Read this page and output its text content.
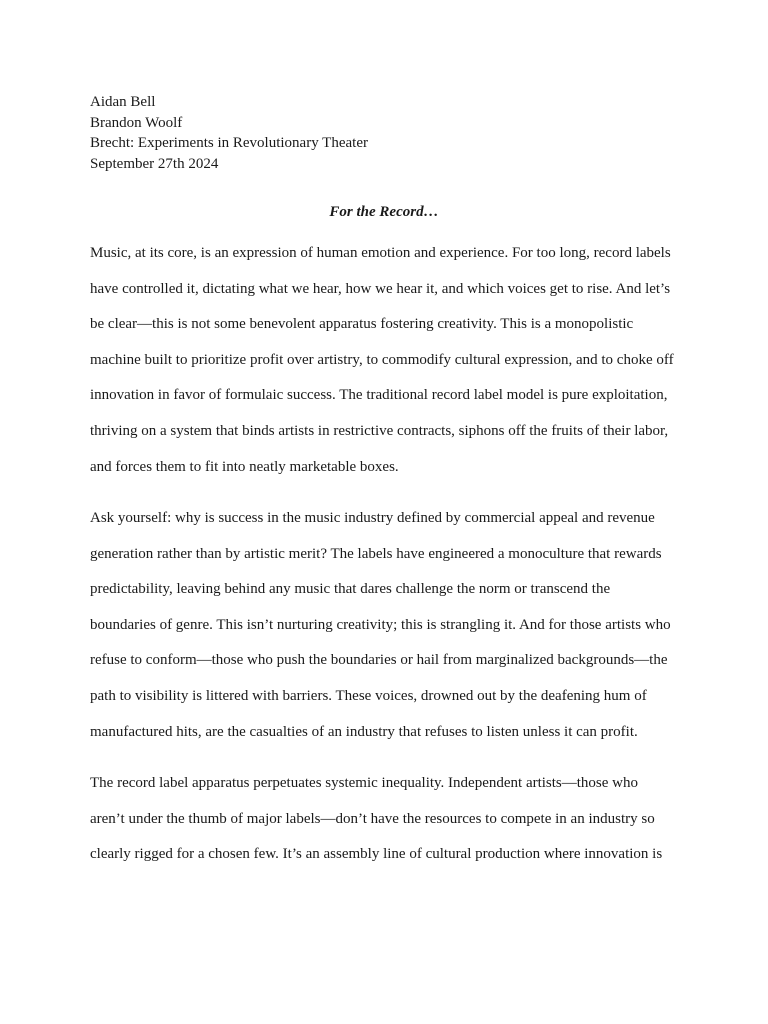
Aidan Bell
Brandon Woolf
Brecht: Experiments in Revolutionary Theater
September 27th 2024
For the Record…
Music, at its core, is an expression of human emotion and experience. For too long, record labels
have controlled it, dictating what we hear, how we hear it, and which voices get to rise. And let’s
be clear—this is not some benevolent apparatus fostering creativity. This is a monopolistic
machine built to prioritize profit over artistry, to commodify cultural expression, and to choke off
innovation in favor of formulaic success. The traditional record label model is pure exploitation,
thriving on a system that binds artists in restrictive contracts, siphons off the fruits of their labor,
and forces them to fit into neatly marketable boxes.
Ask yourself: why is success in the music industry defined by commercial appeal and revenue
generation rather than by artistic merit? The labels have engineered a monoculture that rewards
predictability, leaving behind any music that dares challenge the norm or transcend the
boundaries of genre. This isn’t nurturing creativity; this is strangling it. And for those artists who
refuse to conform—those who push the boundaries or hail from marginalized backgrounds—the
path to visibility is littered with barriers. These voices, drowned out by the deafening hum of
manufactured hits, are the casualties of an industry that refuses to listen unless it can profit.
The record label apparatus perpetuates systemic inequality. Independent artists—those who
aren’t under the thumb of major labels—don’t have the resources to compete in an industry so
clearly rigged for a chosen few. It’s an assembly line of cultural production where innovation is
